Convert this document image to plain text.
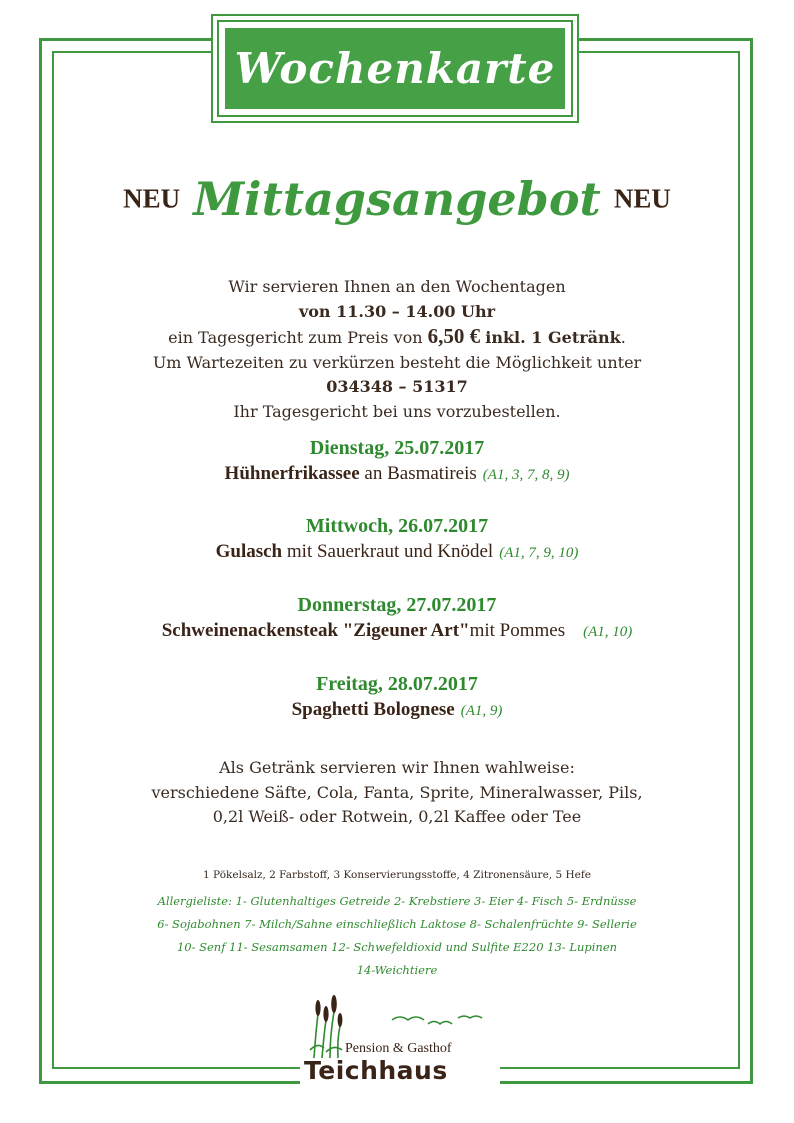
Wochenkarte
NEU Mittagsangebot NEU
Wir servieren Ihnen an den Wochentagen
von 11.30 – 14.00 Uhr
ein Tagesgericht zum Preis von 6,50 € inkl. 1 Getränk.
Um Wartezeiten zu verkürzen besteht die Möglichkeit unter
034348 – 51317
Ihr Tagesgericht bei uns vorzubestellen.
Dienstag, 25.07.2017
Hühnerfrikassee an Basmatireis (A1, 3, 7, 8, 9)
Mittwoch, 26.07.2017
Gulasch mit Sauerkraut und Knödel (A1, 7, 9, 10)
Donnerstag, 27.07.2017
Schweinenackensteak "Zigeuner Art"mit Pommes (A1, 10)
Freitag, 28.07.2017
Spaghetti Bolognese (A1, 9)
Als Getränk servieren wir Ihnen wahlweise:
verschiedene Säfte, Cola, Fanta, Sprite, Mineralwasser, Pils,
0,2l Weiß- oder Rotwein, 0,2l Kaffee oder Tee
1 Pökelsalz, 2 Farbstoff, 3 Konservierungsstoffe, 4 Zitronensäure, 5 Hefe
Allergieliste: 1- Glutenhaltiges Getreide 2- Krebstiere 3- Eier 4- Fisch 5- Erdnüsse
6- Sojabohnen 7- Milch/Sahne einschließlich Laktose 8- Schalenfrüchte 9- Sellerie
10- Senf 11- Sesamsamen 12- Schwefeldioxid und Sulfite E220 13- Lupinen
14-Weichtiere
Pension & Gasthof
Teichhaus
